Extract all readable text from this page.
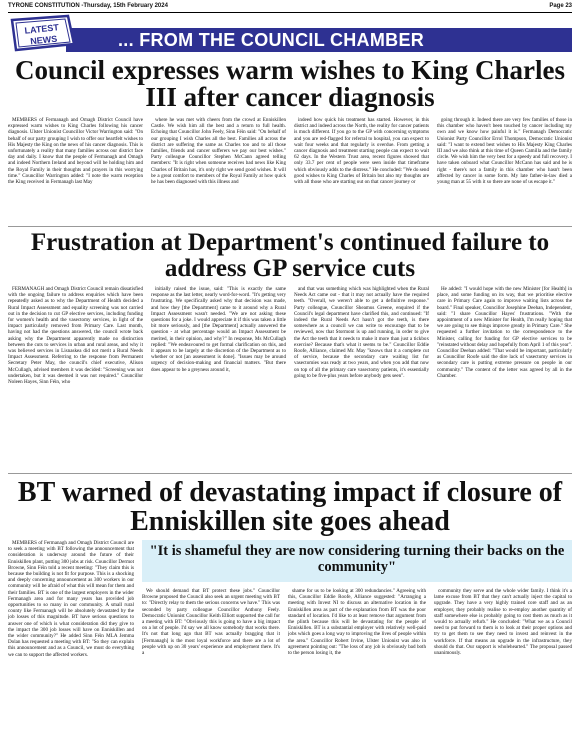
TYRONE CONSTITUTION -Thursday, 15th February 2024	Page 23
... FROM THE COUNCIL CHAMBER
LATEST
NEWS
Council expresses warm wishes to King Charles III after cancer diagnosis

MEMBERS of Fermanagh and Omagh District Council have expressed warm wishes to King Charles following his cancer diagnosis. Ulster Unionist Councillor Victor Warrington said: "On behalf of our party grouping I wish to offer our heartfelt wishes to His Majesty the King on the news of his cancer diagnosis. This is unfortunately a reality that many families across our district face day and daily. I know that the people of Fermanagh and Omagh and indeed Northern Ireland and beyond will be holding him and the Royal Family in their thoughts and prayers in this worrying time." Councillor Warrington added: "I note the warm reception the King received in Fermanagh last May

where he was met with cheers from the crowd at Enniskillen Castle. We wish him all the best and a return to full health. Echoing that Councillor John Feely, Sinn Féin said: "On behalf of our grouping I wish Charles all the best. Families all across the district are suffering the same as Charles too and to all those families, friends and cancer sufferers we pay our best wishes." Party colleague Councillor Stephen McCann agreed telling members: "It is right when someone receives bad news like King Charles of Britain has, it's only right we send good wishes. It will be a great comfort to members of the Royal Family at how quick he has been diagnosed with this illness and

indeed how quick his treatment has started. However, in this district and indeed across the North, the reality for cancer patients is much different. If you go to the GP with concerning symptoms and you are red-flagged for referral to hospital, you can expect to wait four weeks and that regularly is overdue. From getting a cancer diagnosis and treatment starting people can expect to wait 62 days. In the Western Trust area, recent figures showed that only 33.7 per cent of people were seen inside that timeframe which obviously adds to the distress." He concluded: "We do send good wishes to King Charles of Britain but also my thoughts are with all those who are starting out on that cancer journey or

going through it. Indeed there are very few families of those in this chamber who haven't been touched by cancer including my own and we know how painful it is." Fermanagh Democratic Unionist Party Councillor Errol Thompson, Democratic Unionist said: "I want to extend best wishes to His Majesty King Charles III and we also think at this time of Queen Camilla and the family circle. We wish him the very best for a speedy and full recovery. I have taken onboard what Councillor McCann has said and he is right - there's not a family in this chamber who hasn't been affected by cancer in some form. My late father-in-law died a young man at 55 with it so there are none of us escape it."

Frustration at Department's continued failure to address GP service cuts

FERMANAGH and Omagh District Council remain dissatisfied with the ongoing failure to address enquiries which have been repeatedly asked as to why the Department of Health decided a Rural Impact Assessment and equality screening was not carried out in the decision to cut GP elective services, including funding for women's health and the vasectomy services, in light of the impact particularly removed from Primary Care. Last month, having not had the questions answered, the council wrote back asking why the Department apparently made no distinction between the cuts to services in urban and rural areas, and why it was believed services in Lisnaskea did not merit a Rural Needs Impact Assessment. Referring to the response from Permanent Secretary Peter May, the council's chief executive, Alison McCullagh, advised members it was decided: "Screening was not undertaken, but it was deemed it was not required." Councillor Noleen Hayes, Sinn Féin, who

initially raised the issue, said: "This is exactly the same response as the last letter, nearly word-for-word. "It's getting very frustrating. We specifically asked why that decision was made, and how they [the Department] came to it around why a Rural Impact Assessment wasn't needed. "We are not asking these questions for a joke. I would appreciate it if this was taken a little bit more seriously, and [the Department] actually answered the question - at what percentage would an Impact Assessment be merited, in their opinion, and why?" In response, Ms McCullagh replied: "We endeavoured to get formal clarification on this, and it appears to be largely at the discretion of the Department as to whether or not [an assessment is done]. "Issues may be around urgency of decision-making and financial matters. "But there does appear to be a greyness around it,

and that was something which was highlighted when the Rural Needs Act came out - that it may not actually have the required teeth. "Overall, we weren't able to get a definitive response." Party colleague, Councillor Sheamus Greene, enquired if the Council's legal department have clarified this, and continued: "If indeed the Rural Needs Act hasn't got the teeth, is there somewhere as a council we can write to encourage that to be reviewed, now that Stormont is up and running, in order to give the Act the teeth that it needs to make it more than just a tickbox exercise? Because that's what it seems to be." Councillor Eddie Roofe, Alliance, claimed Mr. May "knows that it a complete cut of service, because the secondary care waiting list for vasectomies was ready at two years, and when you add that now on top of all the primary care vasectomy patients, it's essentially going to be five-plus years before anybody gets seen".

He added: "I would hope with the new Minister [for Health] in place, and some funding on its way, that we prioritise elective care in Primary Care again to improve waiting lists across the board." Final speaker, Councillor Josephine Deehan, Independent, said: "I share Councillor Hayes' frustrations. "With the appointment of a new Minister for Health, I'm really hoping that we are going to see things improve greatly in Primary Care." She requested a further invitation to the correspondence to the Minister, calling for funding for GP elective services to be "reinstated without delay and hopefully from April 1 of this year". Councillor Deehan added: "That would be important, particularly as Councillor Roofe said the dire lack of vasectomy services in secondary care is putting extreme pressure on people in our community." The content of the letter was agreed by all in the Chamber.

BT warned of devastating impact if closure of Enniskillen site goes ahead
"It is shameful they are now considering turning their backs on the community"

MEMBERS of Fermanagh and Omagh District Council are to seek a meeting with BT following the announcement that consideration is underway around the future of their Enniskillen plant, putting 300 jobs at risk. Councillor Dermot Browne, Sinn Féin told a recent meeting: "They claim this is because the building is not fit for purpose. This is a shocking and deeply concerning announcement as 300 workers in our community will be afraid of what this will mean for them and their families. BT is one of the largest employers in the wider Fermanagh area and for many years has provided job opportunities to so many in our community. A small rural county like Fermanagh will be absolutely devastated by the job losses of this magnitude. BT have serious questions to answer one of which is what consideration did they give to the impact the 300 job losses will have on Enniskillen and the wider community?" He added Sinn Féin MLA Jemma Dolan has requested a meeting with BT: "So they can explain this announcement and as a Council, we must do everything we can to support the affected workers.

We should demand that BT protect these jobs." Councillor Browne proposed the Council also seek an urgent meeting with BT to: "Directly relay to them the serious concerns we have." This was seconded by party colleague Councillor Anthony Feely. Democratic Unionist Councillor Keith Elliott supported the call for a meeting with BT: "Obviously this is going to have a big impact on a lot of people. I'd say we all know somebody that works there. It's not that long ago that BT was actually bragging that it [Fermanagh] is the most loyal workforce and there are a lot of people with up on 30 years' experience and employment there. It's a

shame for us to be looking at 300 redundancies." Agreeing with this, Councillor Eddie Roofe, Alliance suggested: "Arranging a meeting with Invest NI to discuss an alternative location in the Enniskillen area as part of the explanation from BT was the poor standard of location. I'd like to at least remove that argument from the plinth because this will be devastating for the people of Enniskillen. BT is a substantial employer with relatively well-paid jobs which goes a long way to improving the lives of people within the area." Councillor Robert Irvine, Ulster Unionist was also in agreement pointing out: "The loss of any job is obviously bad both to the person losing it, the

community they serve and the whole wider family. I think it's a lame excuse from BT that they can't actually inject the capital to upgrade. They have a very highly trained core staff and as an employer, they probably realise to re-employ another quantity of staff somewhere else is probably going to cost them as much as it would to actually refurb." He concluded: "What we as a Council need to put forward to them is to look at their proper options and try to get them to see they need to invest and reinvest in the workforce. If that means an upgrade in the infrastructure, they should do that. Our support is wholehearted." The proposal passed unanimously.
